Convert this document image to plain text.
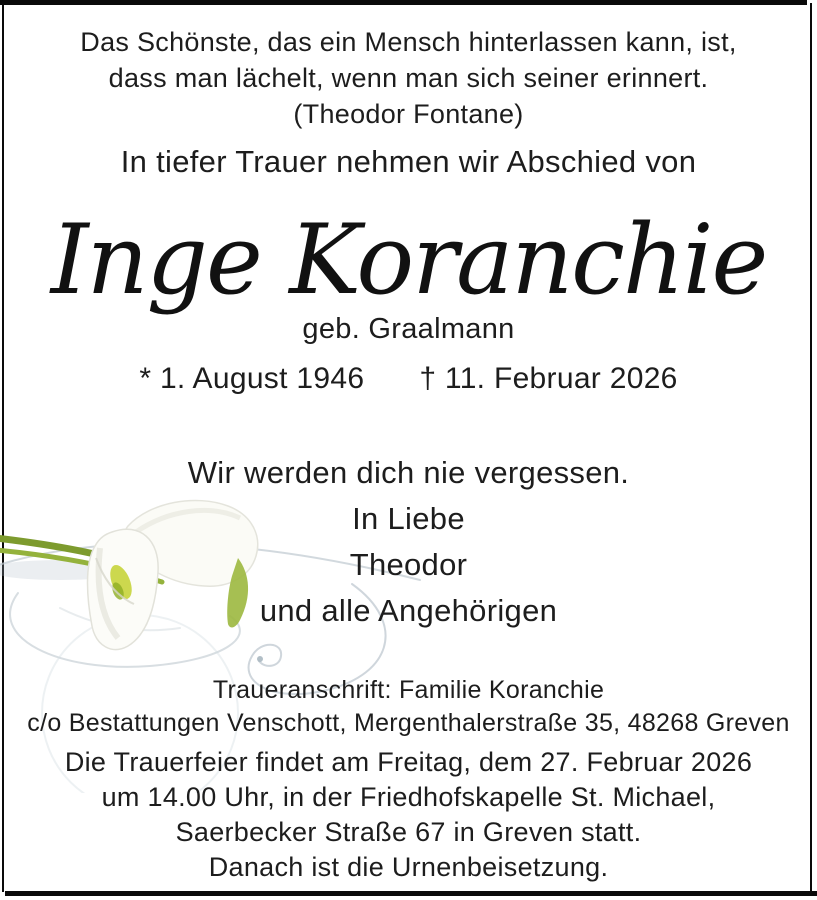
Das Schönste, das ein Mensch hinterlassen kann, ist,
dass man lächelt, wenn man sich seiner erinnert.
(Theodor Fontane)
In tiefer Trauer nehmen wir Abschied von
Inge Koranchie
geb. Graalmann
* 1. August 1946 † 11. Februar 2026
Wir werden dich nie vergessen.
In Liebe
Theodor
und alle Angehörigen
Traueranschrift: Familie Koranchie
c/o Bestattungen Venschott, Mergenthalerstraße 35, 48268 Greven
Die Trauerfeier findet am Freitag, dem 27. Februar 2026
um 14.00 Uhr, in der Friedhofskapelle St. Michael,
Saerbecker Straße 67 in Greven statt.
Danach ist die Urnenbeisetzung.
